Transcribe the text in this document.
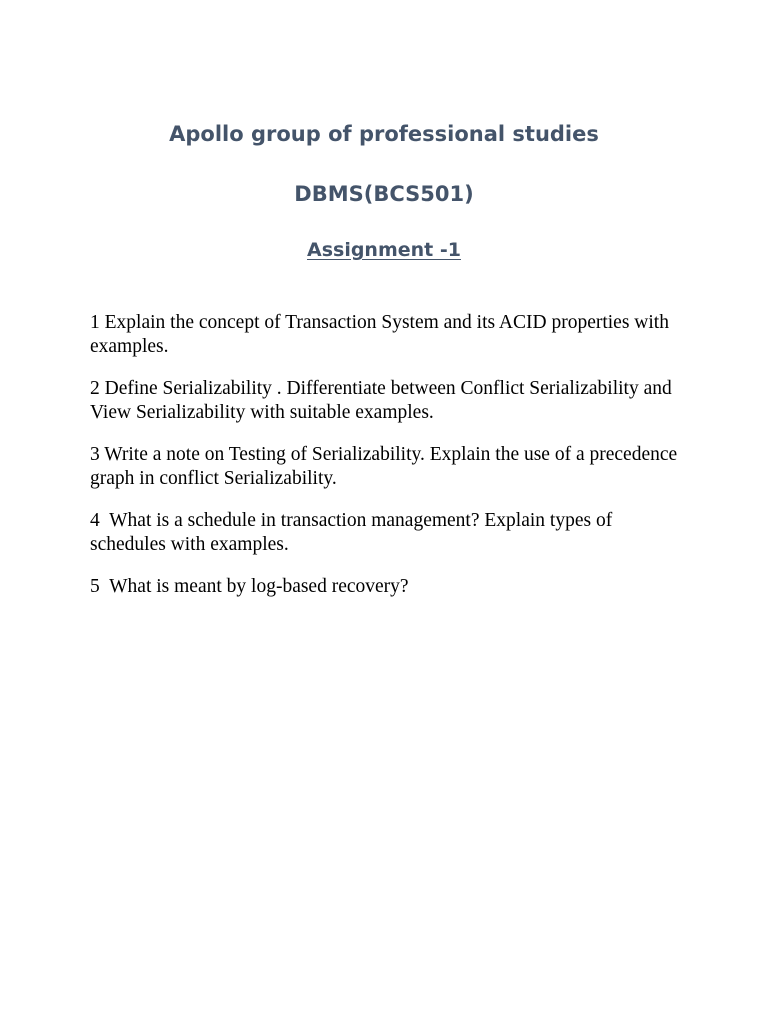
Apollo group of professional studies
DBMS(BCS501)
Assignment -1
1 Explain the concept of Transaction System and its ACID properties with examples.
2 Define Serializability . Differentiate between Conflict Serializability and View Serializability with suitable examples.
3 Write a note on Testing of Serializability. Explain the use of a precedence graph in conflict Serializability.
4  What is a schedule in transaction management? Explain types of schedules with examples.
5  What is meant by log-based recovery?
